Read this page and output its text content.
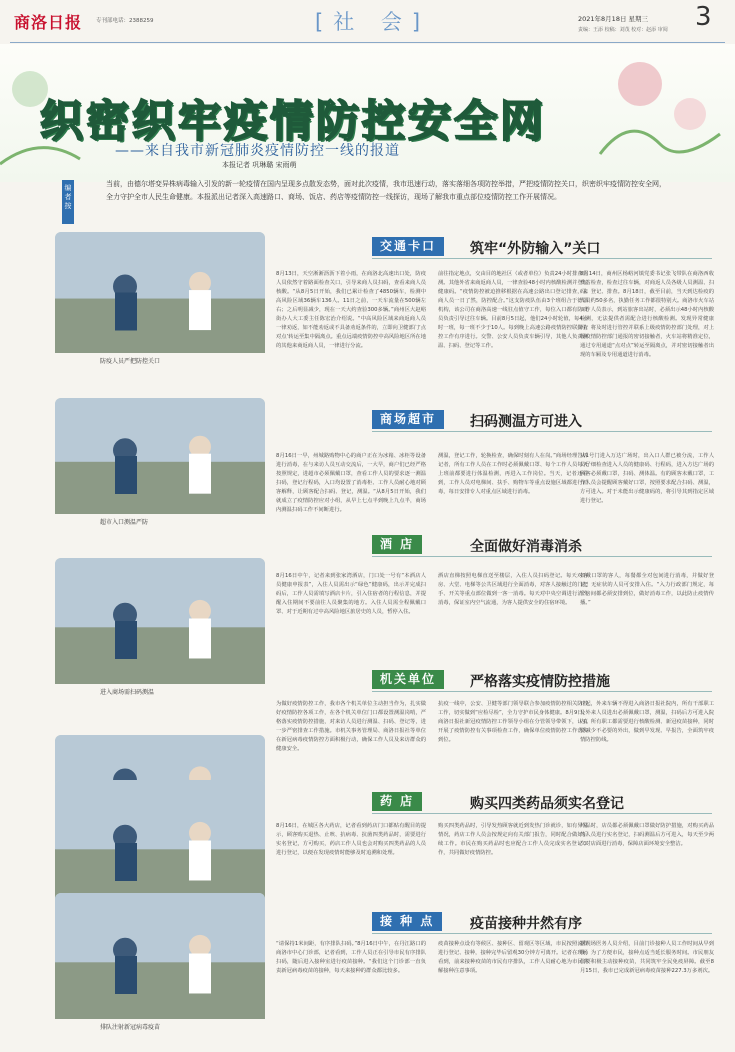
商洛日报	专刊部电话：2388259	[社 会]	2021年8月18日 星期三
责编：王添 校稿：刘茂 校对：赵添 审阅 3
织密织牢疫情防控安全网
——来自我市新冠肺炎疫情防控一线的报道
本报记者 巩琳璐 宋雨萌
编者按
当前，由德尔塔变异株病毒输入引发的新一轮疫情在国内呈现多点散发态势，面对此次疫情，我市迅速行动，落实落细各项防控举措，严把疫情防控关口，织密织牢疫情防控安全网，全力守护全市人民生命健康。本报派出记者深入高速路口、商场、饭店、药店等疫情防控一线探访，现场了解我市重点部位疫情防控工作开展情况。
防疫人员严把防控关口
交通卡口	筑牢“外防输入”关口
8月13日，天空淅淅沥沥下着小雨，在商洛北高速出口处，防疫人员依然守着路面检查关口，引导来商人员扫码，查看来商人员核酸。“从8月5日开始，我们已累计检查了4850辆车，检测中高风险区域36辆车136人。11日之前，一天车流量在500辆左右；之后明显减少，现在一天大约查验300多辆。”商州区大赵峪街办人大工委主任陈宏治介绍说。“中高风险区域来商返商人员一律劝返，如不能劝返或不具备劝返条件的，立即向卫健部门‘点对点’转运至集中隔离点。重点远端疫情防控中高风险地区所在地的其他来商返商人员，一律进行分流。
前往指定地点，交由目的地社区（或者单位）负责24小时排查监测。其他外省来商返商人员，一律查验48小时内核酸检测并登记健康码。“疫情防控被迫推移根据在高速公路出口登记排查，来商人员一日了然，防控配合。”这支防疫队伍由3个班组合于德阳机构，该公司在商洛高速一线驻点值守工作，每位入口都有防疫员负责引导过往车辆。目前8月5日起，他们24小时轮值，每4小时一班，每一班不少于10人。每到晚上高速公路疫情防控联勤查控工作有序进行。交警、公安人员负责车辆引导，其他人负责测温、扫码、登记等工作。
8月14日，商州区杨峪河镇党委书记张飞带队在商洛西收费站检查，检查过往车辆，对商返人员各级人员测温、扫码、登记、排查。8月18日，截至目前，当天到达检疫的人员约50多名，执勤任务工作都很特别大。商洛市火车站工作人员表示，到站旅客出站时，必须出示48小时内核酸检测，无法提供者需配合进行核酸检测。发现异常健康码，将及时进行管控并联系上级疫情防控部门处理，对上级疫情防控部门通报的密切接触者，火车站将精准定位，通过专用通道“点对点”转运至隔离点，并对密切接触者出现的车厢及专用通道进行消毒。
超市入口测温严防
商场超市	扫码测温方可进入
8月16日一早，州城路购物中心的商户正在为冰箱、冰柜等设备进行消毒，在与来访人员互动交流后，一大早，商户们已经严格按照规定，进超市必须佩戴口罩，查看工作人员的要求逐一测温扫码，登记行程码，入口均设置了消毒柜、工作人员耐心地对顾客解释，让顾客配合扫码、登记，测温。“从8月5日开始，我们就成立了疫情防控应对小组，从早上七点半到晚上九点半，商场内测温扫码工作不间断进行。
测温，登记工作，轮换检查，确保时刻有人在岗。”商场经理告诉记者，所有工作人员在工作时必须佩戴口罩、每个工作人员每天上班前都要进行体温检测，再进入工作岗位。当天，记者还看到，工作人员对电梯间、扶手、购物车等重点设施区域都进行消毒，每日安排专人对重点区域进行消毒。
从1号门进入万达广场时，出入口人群已被分流，工作人员仔细检查进入人员的健康码、行程码，进入方达广场的顾客必须戴口罩，扫码、测体温。有的顾客未戴口罩，工作人员会提醒顾客戴好口罩，按照要求配合扫码、测温，方可进入。对于未能出示健康码的，将引导其到指定区域进行登记。
进入商场需扫码测温
酒 店	全面做好消毒消杀
8月16日中午，记者来到张家湾酒店，门口处一号有“本酒店人员健康申报表”，入住人员需出示“绿色”健康码，出示并完成扫码后，工作人员需填写酒店卡片，引入住宿者的行程信息，并提醒入住期间不要前往人员聚集的地方。入住人员需全程佩戴口罩、对于近期有过中高风险地区旅居史的人员，暂停入住。
酒店直梯按照电梯直送至楼层，入住人员扫码登记。每天对客房、大堂、电梯等公共区域进行全面消毒，对客人接触过的门把手、开关等重点部位做到一客一消毒。每天对中央空调进行清洗消毒，保证室内空气流通，为客人提供安全的住宿环境。
如戴口罩的客人，每餐都全对包间进行消毒，并做好登记，无症状的人员可安排入住。“入力行政部门规定，每个房间都必须安排到位，做好消毒工作，以此防止疫情传播。”
机关单位	严格落实疫情防控措施
为做好疫情防控工作，我市各个机关单位主动担当作为，扎实做好疫情防控各项工作，在各个机关单位门口都设置测温岗哨，严格落实疫情防控措施，对来访人员进行测温、扫码、登记等，进一步严密排查工作措施。市机关事务管理局、商洛日报社等单位在新冠病毒疫情防控方面积极行动，确保工作人员及来访群众的健康安全。
抗疫一线中，公安、卫健等部门领导联合参加疫情防控相关防控工作，切实做到“应检尽检”，全力守护市民身体健康。8月9日，商洛日报社新冠疫情防控工作领导小组在分管领导带领下，认真开展了疫情防控有关事项检查工作，确保单位疫情防控工作落实到位。
日起，外来车辆不得进入商洛日报社院内，所有干部职工及外来人员进出必须佩戴口罩，测温，扫码后方可进入院内。所有职工都需要进行核酸检测、新冠疫苗接种，同时要减少不必要的外出，做到早发现、早报告，全面筑牢疫情防控防线。
药 店	购买四类药品须实名登记
8月16日，在城区各大药店，记者看到药店门口都贴有醒目的提示，顾客购买退热、止咳、抗病毒、抗菌四类药品时，需要进行实名登记，方可购买，药店工作人员也会对购买四类药品的人员进行登记，以便在发现疫情时能够及时追溯和处理。
购买四类药品时，引导发热顾客就近到发热门诊就诊，如有异常情况，药店工作人员会按规定向有关部门报告，同时配合做好后续工作。市民在购买药品时也应配合工作人员完成实名登记工作，共同做好疫情防控。
药品时，店员都必须佩戴口罩做好防护措施，对购买药品的人员进行实名登记，扫码测温后方可进入，每天至少两次对店面进行消毒，保障店面环境安全整洁。
排队注射新冠病毒疫苗
接 种 点	疫苗接种井然有序
“请保持1米间距，有序排队扫码。”8月16日中午，在丹江路口的商洛市中心门诊部，记者看到，工作人员正在引导市民有序排队扫码，随后进入接种室进行疫苗接种。“我们这个门诊部一直负责新冠病毒疫苗的接种，每天来接种的群众都比较多。
疫苗接种点设有等候区、接种区、留观区等区域，市民按照流程进行登记、接种，接种完毕后留观30分钟方可离开。记者在现场看到，前来接种疫苗的市民有序排队，工作人员耐心地为市民讲解接种注意事项。
据现场医务人员介绍，目前门诊接种人员工作时间从早到晚，为了方便市民，接种点适当延长服务时间。市民朋友们要积极主动接种疫苗，共同筑牢全民免疫屏障。截至8月15日，我市已完成新冠病毒疫苗接种227.3万多剂次。
